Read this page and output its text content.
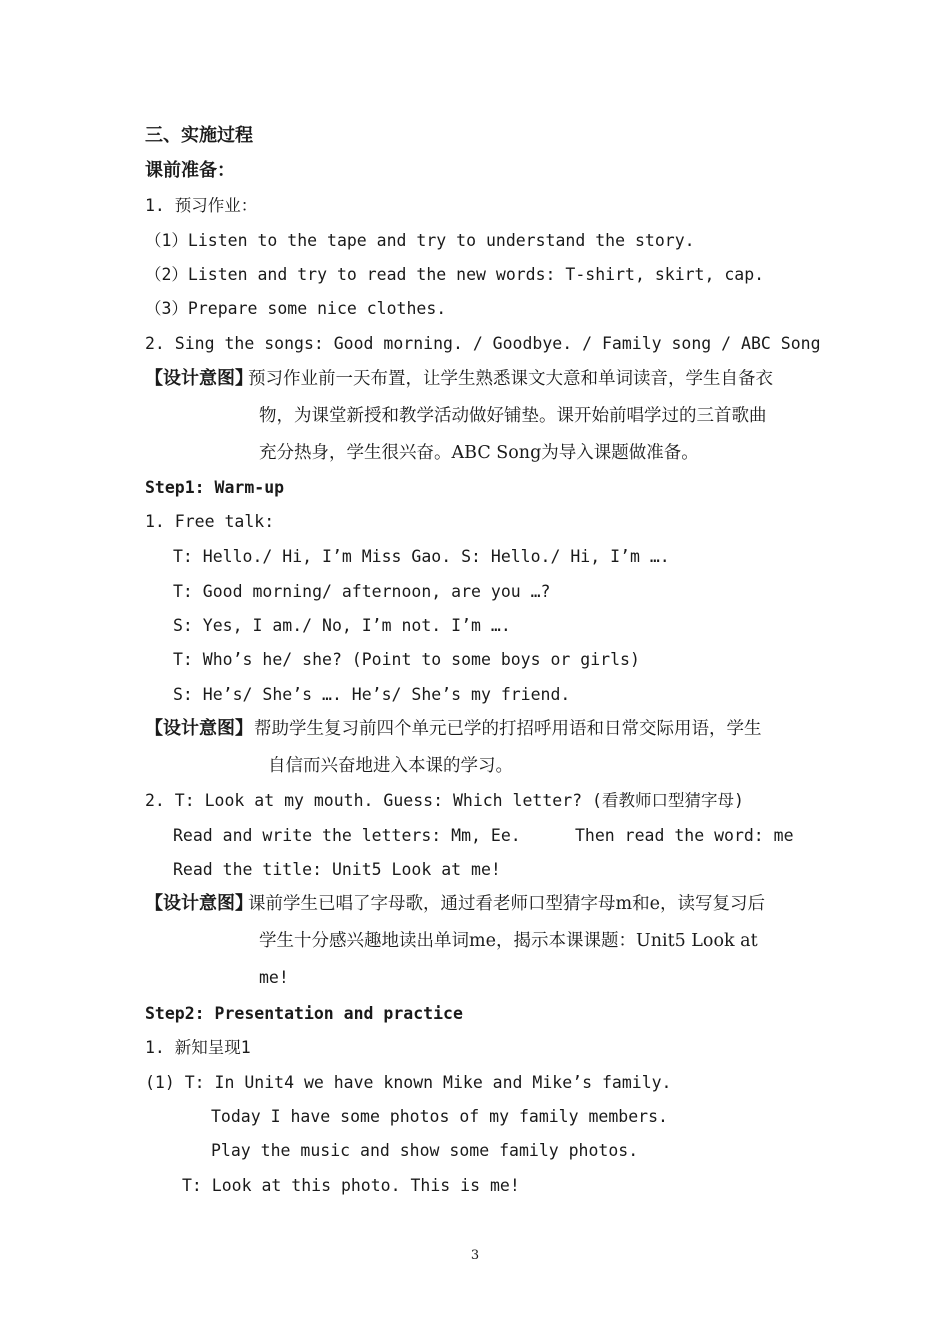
三、实施过程
课前准备：
1. 预习作业：
（1）Listen to the tape and try to understand the story.
（2）Listen and try to read the new words: T-shirt, skirt, cap.
（3）Prepare some nice clothes.
2. Sing the songs: Good morning. / Goodbye. / Family song / ABC Song
【设计意图】
预习作业前一天布置，让学生熟悉课文大意和单词读音，学生自备衣
物，为课堂新授和教学活动做好铺垫。课开始前唱学过的三首歌曲
充分热身，学生很兴奋。ABC Song为导入课题做准备。
Step1: Warm-up
1. Free talk:
T: Hello./ Hi, I’m Miss Gao. S: Hello./ Hi, I’m ….
T: Good morning/ afternoon, are you …?
S: Yes, I am./ No, I’m not. I’m ….
T: Who’s he/ she? (Point to some boys or girls)
S: He’s/ She’s …. He’s/ She’s my friend.
【设计意图】 帮助学生复习前四个单元已学的打招呼用语和日常交际用语，学生
自信而兴奋地进入本课的学习。
2. T: Look at my mouth. Guess: Which letter? (看教师口型猜字母)
Read and write the letters: Mm, Ee.	Then read the word: me
Read the title: Unit5 Look at me!
【设计意图】
课前学生已唱了字母歌，通过看老师口型猜字母m和e，读写复习后
学生十分感兴趣地读出单词me，揭示本课课题：Unit5 Look at
me!
Step2: Presentation and practice
1. 新知呈现1
(1) T: In Unit4 we have known Mike and Mike’s family.
Today I have some photos of my family members.
Play the music and show some family photos.
T: Look at this photo. This is me!
3
